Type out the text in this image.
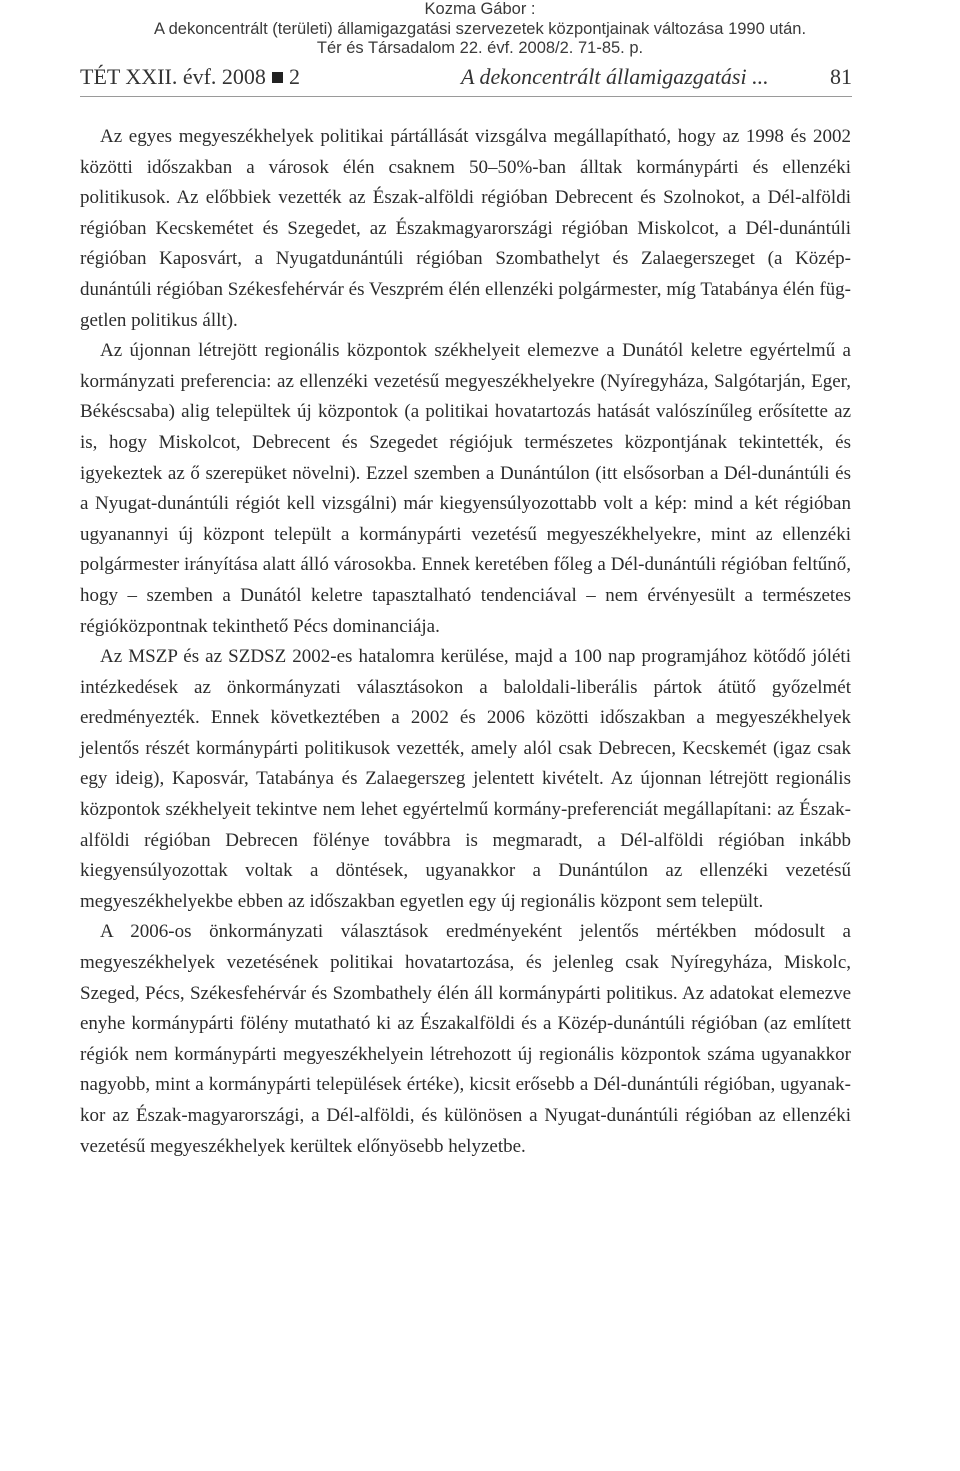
Kozma Gábor :
A dekoncentrált (területi) államigazgatási szervezetek központjainak változása 1990 után.
Tér és Társadalom 22. évf. 2008/2. 71-85. p.
TÉT XXII. évf. 2008 2	A dekoncentrált államigazgatási ...	81

Az egyes megyeszékhelyek politikai pártállását vizsgálva megállapítható, hogy az 1998 és 2002 közötti időszakban a városok élén csaknem 50–50%-ban álltak kormánypárti és ellenzéki politikusok. Az előbbiek vezették az Észak-alföldi régióban Debrecent és Szolnokot, a Dél-alföldi régióban Kecskemétet és Szegedet, az Északmagyarországi régióban Miskolcot, a Dél-dunántúli régióban Kaposvárt, a Nyugatdunántúli régióban Szombathelyt és Zalaegerszeget (a Közép-dunántúli régióban Székesfehérvár és Veszprém élén ellenzéki polgármester, míg Tatabánya élén független politikus állt).

Az újonnan létrejött regionális központok székhelyeit elemezve a Dunától keletre egyértelmű a kormányzati preferencia: az ellenzéki vezetésű megyeszékhelyekre (Nyíregyháza, Salgótarján, Eger, Békéscsaba) alig települtek új központok (a politikai hovatartozás hatását valószínűleg erősítette az is, hogy Miskolcot, Debrecent és Szegedet régiójuk természetes központjának tekintették, és igyekeztek az ő szerepüket növelni). Ezzel szemben a Dunántúlon (itt elsősorban a Dél-dunántúli és a Nyugat-dunántúli régiót kell vizsgálni) már kiegyensúlyozottabb volt a kép: mind a két régióban ugyanannyi új központ települt a kormánypárti vezetésű megyeszékhelyekre, mint az ellenzéki polgármester irányítása alatt álló városokba. Ennek keretében főleg a Dél-dunántúli régióban feltűnő, hogy – szemben a Dunától keletre tapasztalható tendenciával – nem érvényesült a természetes régióközpontnak tekinthető Pécs dominanciája.

Az MSZP és az SZDSZ 2002-es hatalomra kerülése, majd a 100 nap programjához kötődő jóléti intézkedések az önkormányzati választásokon a baloldali-liberális pártok átütő győzelmét eredményezték. Ennek következtében a 2002 és 2006 közötti időszakban a megyeszékhelyek jelentős részét kormánypárti politikusok vezették, amely alól csak Debrecen, Kecskemét (igaz csak egy ideig), Kaposvár, Tatabánya és Zalaegerszeg jelentett kivételt. Az újonnan létrejött regionális központok székhelyeit tekintve nem lehet egyértelmű kormány-preferenciát megállapítani: az Északalföldi régióban Debrecen fölénye továbbra is megmaradt, a Dél-alföldi régióban inkább kiegyensúlyozottak voltak a döntések, ugyanakkor a Dunántúlon az ellenzéki vezetésű megyeszékhelyekbe ebben az időszakban egyetlen egy új regionális központ sem települt.

A 2006-os önkormányzati választások eredményeként jelentős mértékben módosult a megyeszékhelyek vezetésének politikai hovatartozása, és jelenleg csak Nyíregyháza, Miskolc, Szeged, Pécs, Székesfehérvár és Szombathely élén áll kormánypárti politikus. Az adatokat elemezve enyhe kormánypárti fölény mutatható ki az Északalföldi és a Közép-dunántúli régióban (az említett régiók nem kormánypárti megyeszékhelyein létrehozott új regionális központok száma ugyanakkor nagyobb, mint a kormánypárti települések értéke), kicsit erősebb a Dél-dunántúli régióban, ugyanakkor az Észak-magyarországi, a Dél-alföldi, és különösen a Nyugat-dunántúli régióban az ellenzéki vezetésű megyeszékhelyek kerültek előnyösebb helyzetbe.
